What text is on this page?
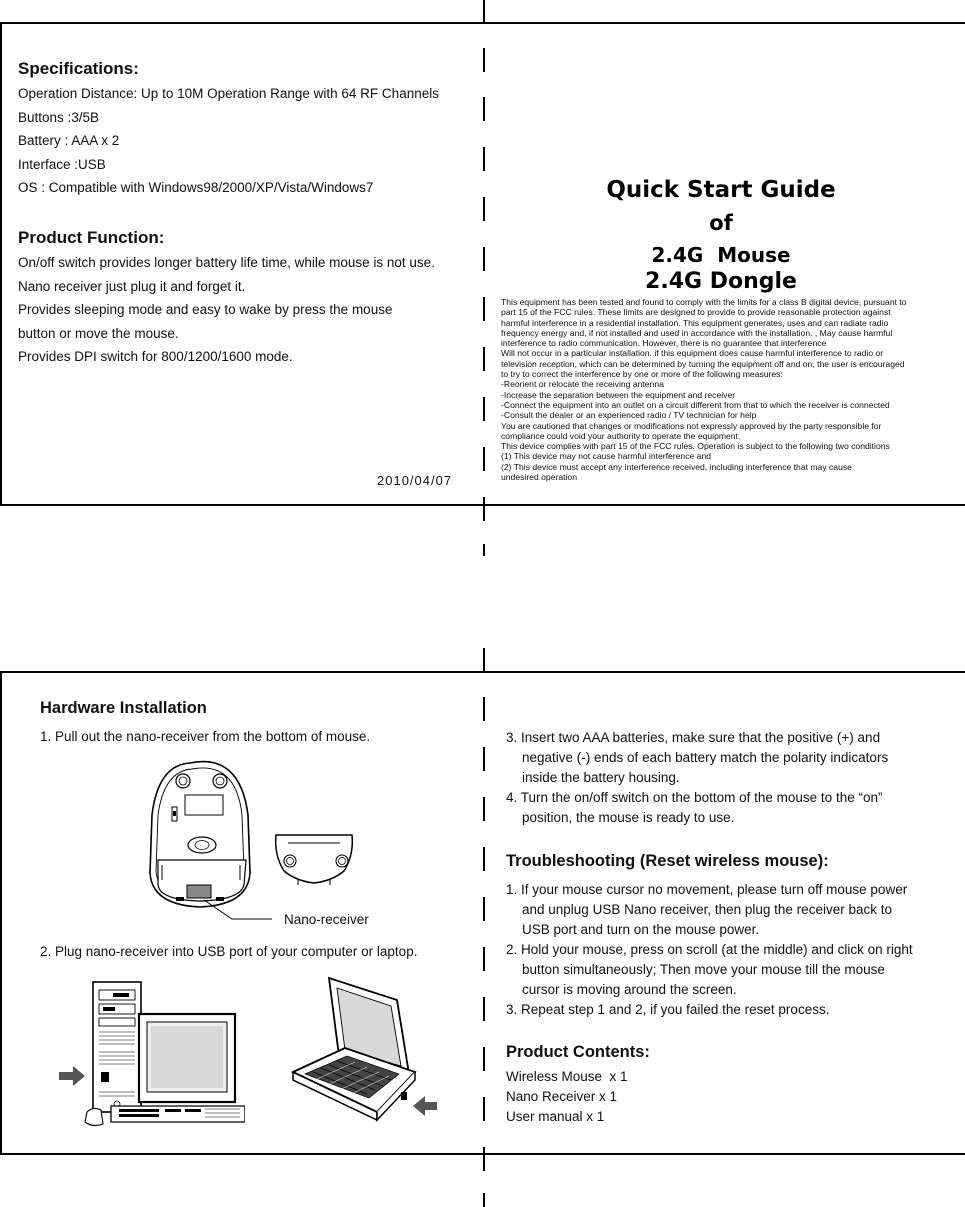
Specifications:

Operation Distance: Up to 10M Operation Range with 64 RF Channels

Buttons :3/5B

Battery : AAA x 2

Interface :USB

OS : Compatible with Windows98/2000/XP/Vista/Windows7

Product Function:

On/off switch provides longer battery life time, while mouse is not use.

Nano receiver just plug it and forget it.

Provides sleeping mode and easy to wake by press the mouse

button or move the mouse.

Provides DPI switch for 800/1200/1600 mode.

2010/04/07
Quick Start Guide
of
2.4G  Mouse
2.4G Dongle
This equipment has been tested and found to comply with the limits for a class B digital device, pursuant to
part 15 of the FCC rules. These limits are designed to provide to provide reasonable protection against
harmful interference in a residential installation. This equipment generates, uses and can radiate radio
frequency energy and, if not installed and used in accordance with the installation. , May cause harmful
interference to radio communication. However, there is no guarantee that interference
Will not occur in a particular installation. if this equipment does cause harmful interference to radio or
television reception, which can be determined by turning the equipment off and on, the user is encouraged
to try to correct the interference by one or more of the following measures:
-Reorient or relocate the receiving antenna
-Increase the separation between the equipment and receiver
-Connect the equipment into an outlet on a circuit different from that to which the receiver is connected
-Consult the dealer or an experienced radio / TV technician for help
You are cautioned that changes or modifications not expressly approved by the party responsible for
compliance could void your authority to operate the equipment.
This device complies with part 15 of the FCC rules. Operation is subject to the following two conditions
(1) This device may not cause harmful interference and
(2) This device must accept any interference received, including interference that may cause
undesired operation
Hardware Installation
1. Pull out the nano-receiver from the bottom of mouse.
Nano-receiver
2. Plug nano-receiver into USB port of your computer or laptop.
3. Insert two AAA batteries, make sure that the positive (+) and
negative (-) ends of each battery match the polarity indicators
inside the battery housing.
4. Turn the on/off switch on the bottom of the mouse to the “on”
position, the mouse is ready to use.
Troubleshooting (Reset wireless mouse):
1. If your mouse cursor no movement, please turn off mouse power
and unplug USB Nano receiver, then plug the receiver back to
USB port and turn on the mouse power.
2. Hold your mouse, press on scroll (at the middle) and click on right
button simultaneously; Then move your mouse till the mouse
cursor is moving around the screen.
3. Repeat step 1 and 2, if you failed the reset process.
Product Contents:
Wireless Mouse  x 1
Nano Receiver x 1
User manual x 1
